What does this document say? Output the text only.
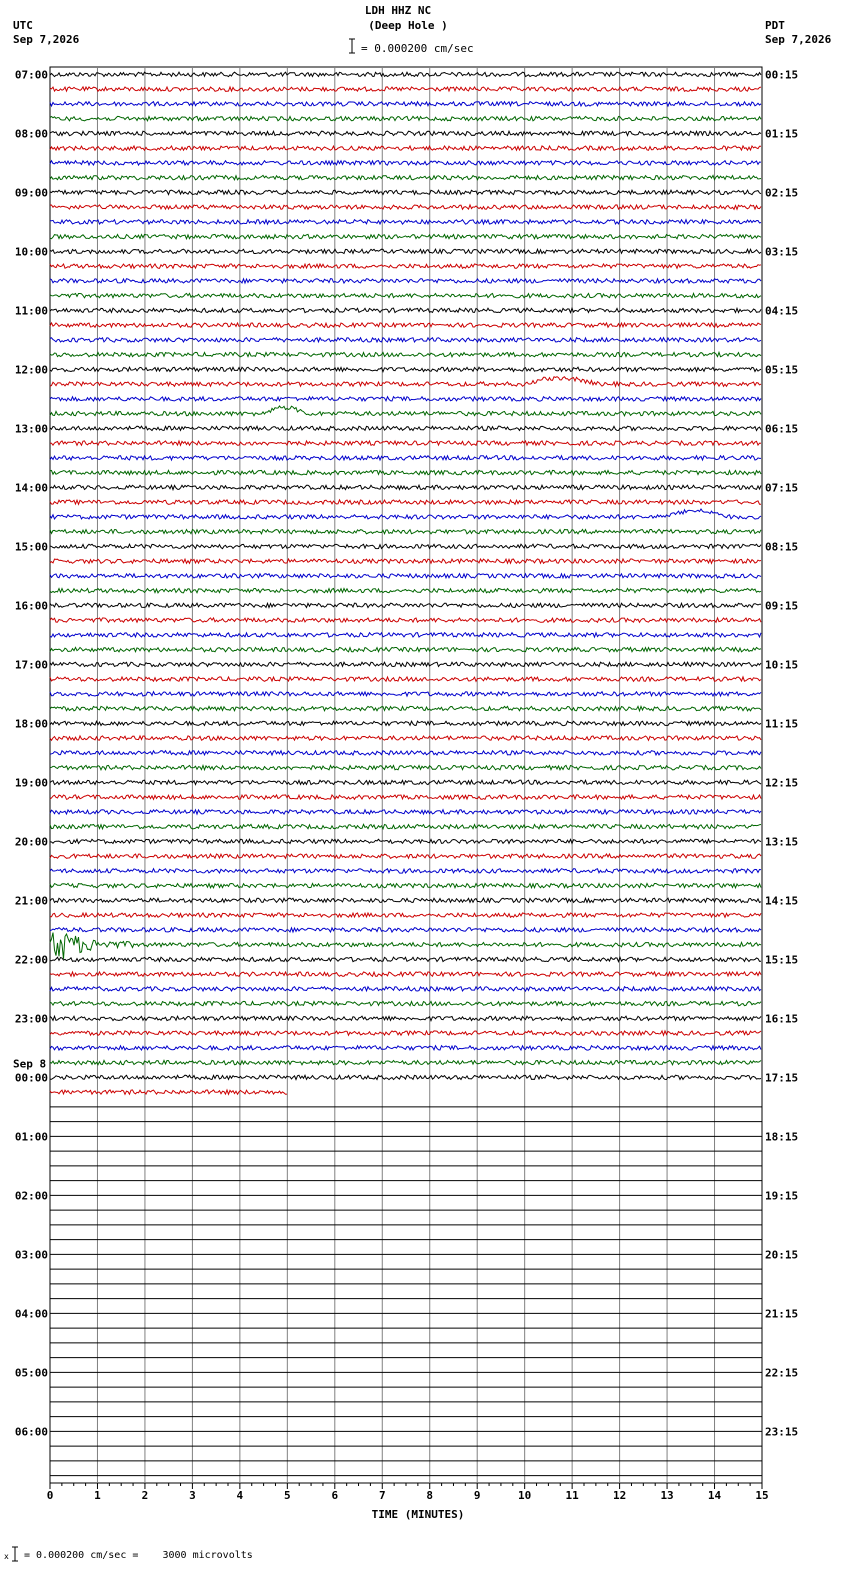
LDH HHZ NC
(Deep Hole )

= 0.000200 cm/sec
UTC
Sep 7,2026
PDT
Sep 7,2026
07:00
08:00
09:00
10:00
11:00
12:00
13:00
14:00
15:00
16:00
17:00
18:00
19:00
20:00
21:00
22:00
23:00
00:00
01:00
02:00
03:00
04:00
05:00
06:00
00:15
01:15
02:15
03:15
04:15
05:15
06:15
07:15
08:15
09:15
10:15
11:15
12:15
13:15
14:15
15:15
16:15
17:15
18:15
19:15
20:15
21:15
22:15
23:15
Sep 8
0	1	2	3	4	5	6	7	8	9	10	11	12	13	14	15
TIME (MINUTES)

x = 0.000200 cm/sec =    3000 microvolts
